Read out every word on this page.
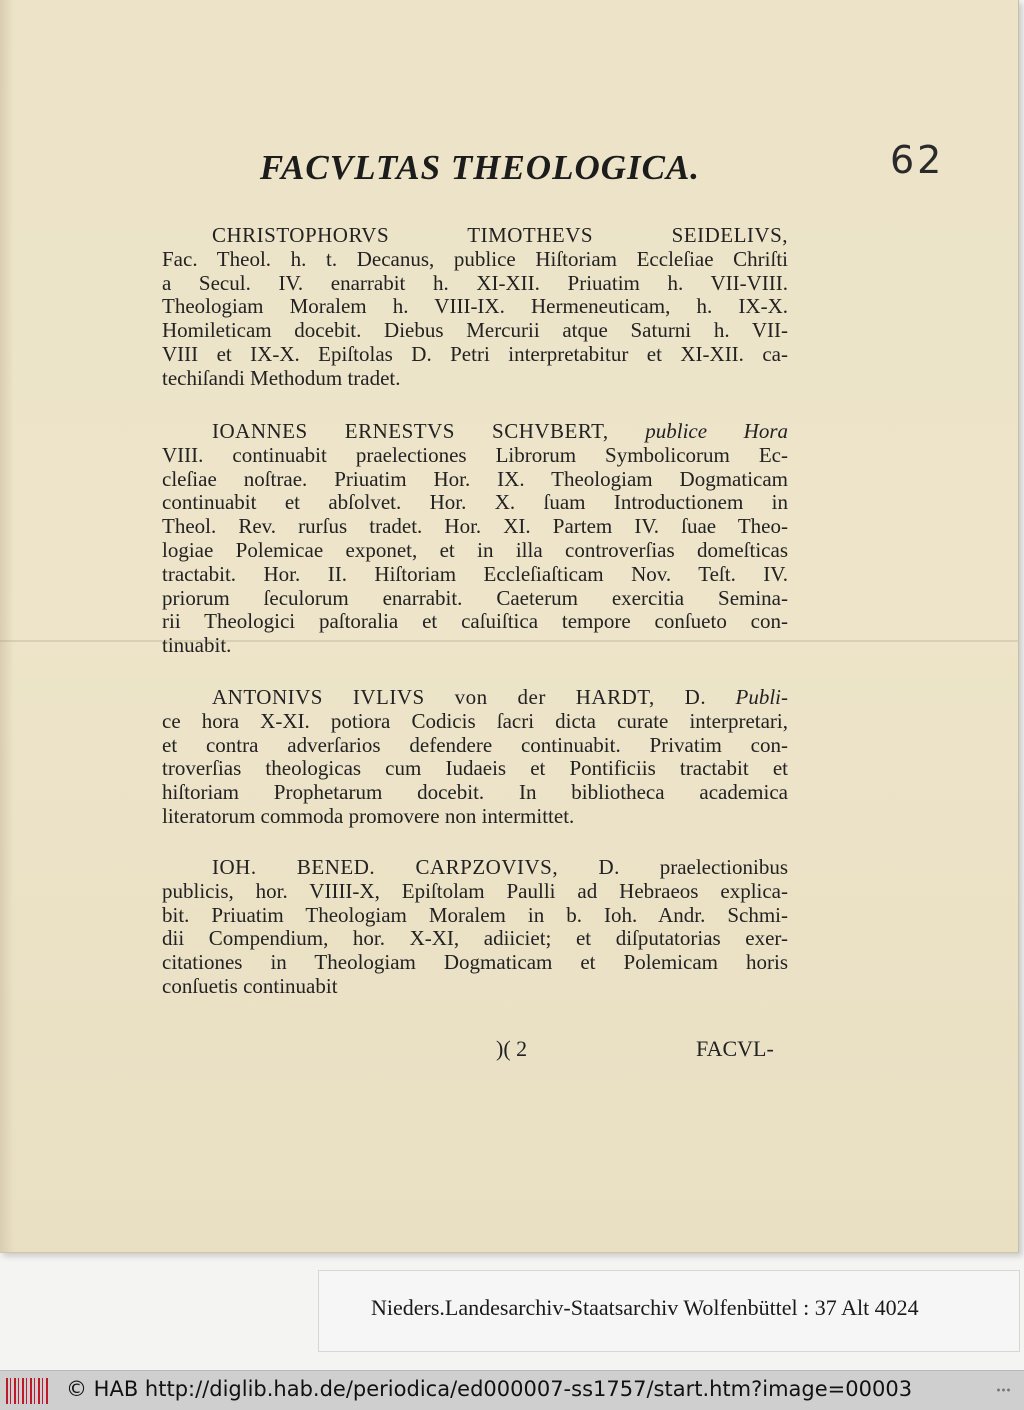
FACVLTAS THEOLOGICA.	62
CHRISTOPHORVS TIMOTHEVS SEIDELIVS,
Fac. Theol. h. t. Decanus, publice Hiſtoriam Eccleſiae Chriſti
a Secul. IV. enarrabit h. XI-XII. Priuatim h. VII-VIII.
Theologiam Moralem h. VIII-IX. Hermeneuticam, h. IX-X.
Homileticam docebit. Diebus Mercurii atque Saturni h. VII-
VIII et IX-X. Epiſtolas D. Petri interpretabitur et XI-XII. ca-
techiſandi Methodum tradet.
IOANNES ERNESTVS SCHVBERT, publice Hora
VIII. continuabit praelectiones Librorum Symbolicorum Ec-
cleſiae noſtrae. Priuatim Hor. IX. Theologiam Dogmaticam
continuabit et abſolvet. Hor. X. ſuam Introductionem in
Theol. Rev. rurſus tradet. Hor. XI. Partem IV. ſuae Theo-
logiae Polemicae exponet, et in illa controverſias domeſticas
tractabit. Hor. II. Hiſtoriam Eccleſiaſticam Nov. Teſt. IV.
priorum ſeculorum enarrabit. Caeterum exercitia Semina-
rii Theologici paſtoralia et caſuiſtica tempore conſueto con-
tinuabit.
ANTONIVS IVLIVS von der HARDT, D. Publi-
ce hora X-XI. potiora Codicis ſacri dicta curate interpretari,
et contra adverſarios defendere continuabit. Privatim con-
troverſias theologicas cum Iudaeis et Pontificiis tractabit et
hiſtoriam Prophetarum docebit. In bibliotheca academica
literatorum commoda promovere non intermittet.
IOH. BENED. CARPZOVIVS, D. praelectionibus
publicis, hor. VIIII-X, Epiſtolam Paulli ad Hebraeos explica-
bit. Priuatim Theologiam Moralem in b. Ioh. Andr. Schmi-
dii Compendium, hor. X-XI, adiiciet; et diſputatorias exer-
citationes in Theologiam Dogmaticam et Polemicam horis
conſuetis continuabit
)( 2	FACVL-
Nieders.Landesarchiv-Staatsarchiv Wolfenbüttel : 37 Alt 4024
© HAB http://diglib.hab.de/periodica/ed000007-ss1757/start.htm?image=00003
